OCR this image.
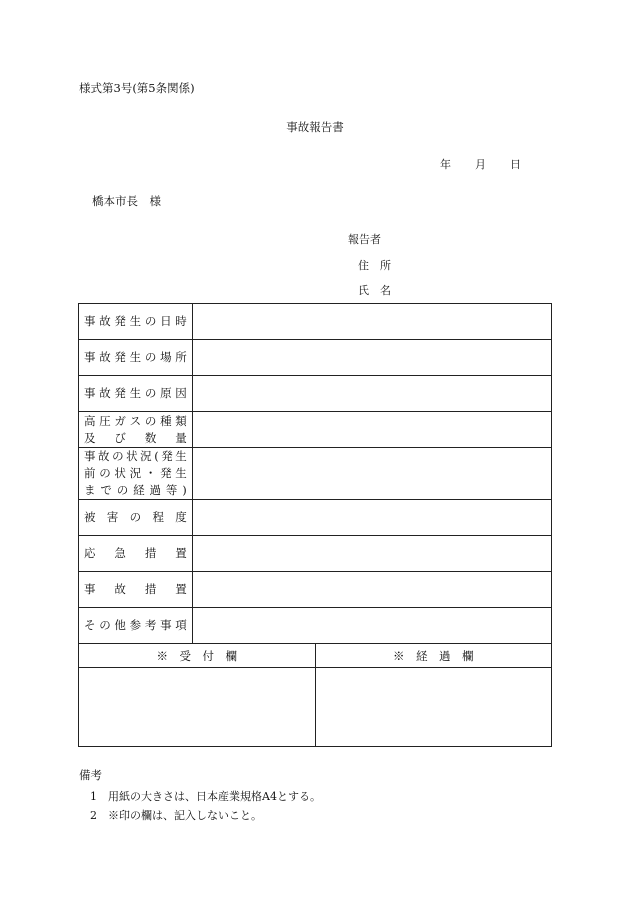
様式第3号(第5条関係)
事故報告書
年 月 日
橋本市長　様
報告者
住　所
氏　名
事故発生の日時	

事故発生の場所	

事故発生の原因	

高圧ガスの種類
及 び 数 量	

事故の状況(発生
前の状況・発生
までの経過等)	

被 害 の 程 度	

応　急　措　置	

事　故　措　置	

その他参考事項	

※　受　付　欄	※　経　過　欄

備考
1 用紙の大きさは、日本産業規格A4とする。
2 ※印の欄は、記入しないこと。
